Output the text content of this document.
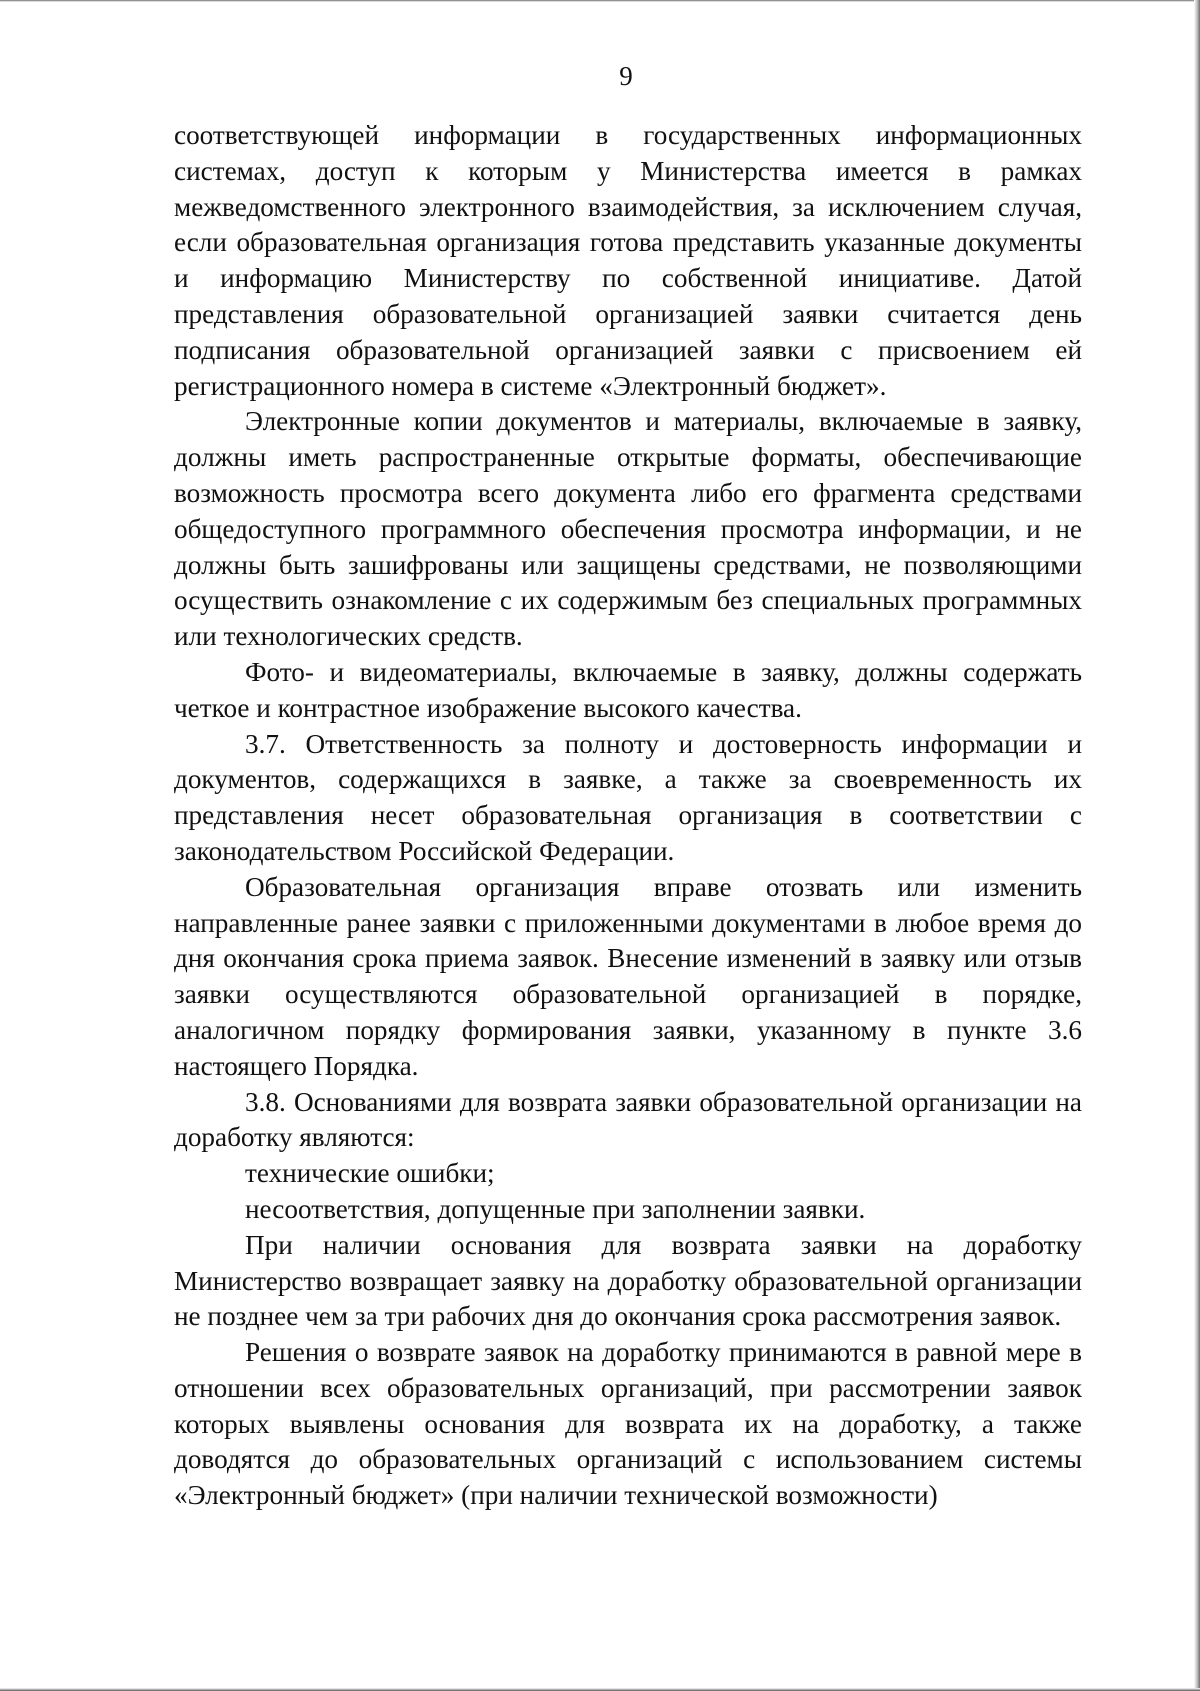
9

соответствующей информации в государственных информационных системах, доступ к которым у Министерства имеется в рамках межведомственного электронного взаимодействия, за исключением случая, если образовательная организация готова представить указанные документы и информацию Министерству по собственной инициативе. Датой представления образовательной организацией заявки считается день подписания образовательной организацией заявки с присвоением ей регистрационного номера в системе «Электронный бюджет».

Электронные копии документов и материалы, включаемые в заявку, должны иметь распространенные открытые форматы, обеспечивающие возможность просмотра всего документа либо его фрагмента средствами общедоступного программного обеспечения просмотра информации, и не должны быть зашифрованы или защищены средствами, не позволяющими осуществить ознакомление с их содержимым без специальных программных или технологических средств.

Фото- и видеоматериалы, включаемые в заявку, должны содержать четкое и контрастное изображение высокого качества.

3.7. Ответственность за полноту и достоверность информации и документов, содержащихся в заявке, а также за своевременность их представления несет образовательная организация в соответствии с законодательством Российской Федерации.

Образовательная организация вправе отозвать или изменить направленные ранее заявки с приложенными документами в любое время до дня окончания срока приема заявок. Внесение изменений в заявку или отзыв заявки осуществляются образовательной организацией в порядке, аналогичном порядку формирования заявки, указанному в пункте 3.6 настоящего Порядка.

3.8. Основаниями для возврата заявки образовательной организации на доработку являются:

технические ошибки;

несоответствия, допущенные при заполнении заявки.

При наличии основания для возврата заявки на доработку Министерство возвращает заявку на доработку образовательной организации не позднее чем за три рабочих дня до окончания срока рассмотрения заявок.

Решения о возврате заявок на доработку принимаются в равной мере в отношении всех образовательных организаций, при рассмотрении заявок которых выявлены основания для возврата их на доработку, а также доводятся до образовательных организаций с использованием системы «Электронный бюджет» (при наличии технической возможности)
